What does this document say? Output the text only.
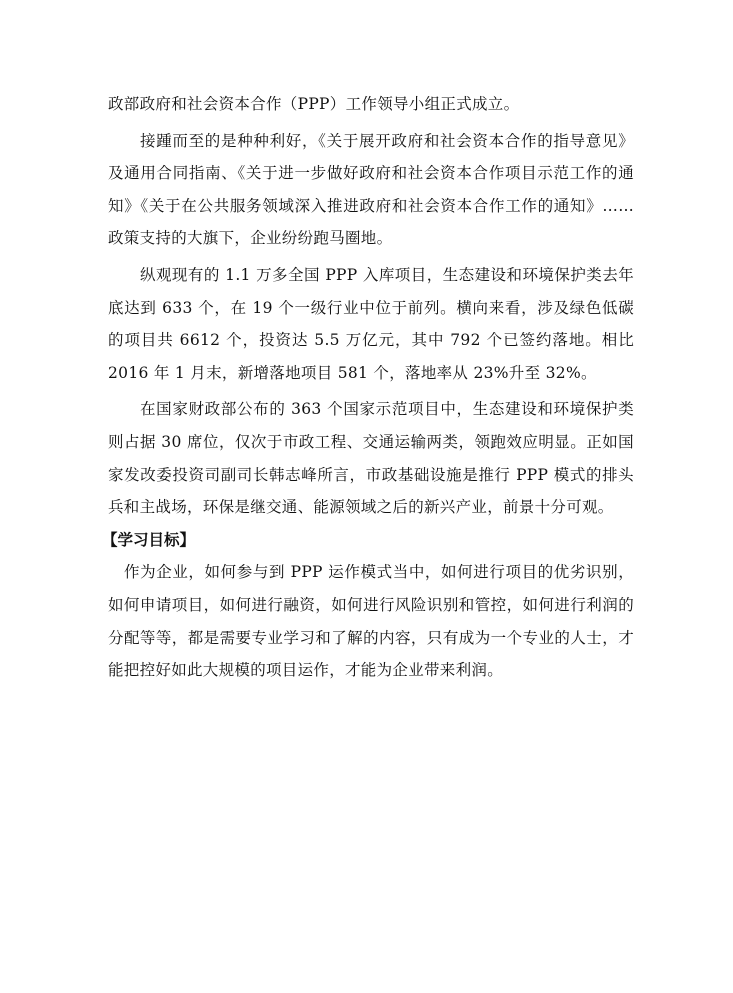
政部政府和社会资本合作（PPP）工作领导小组正式成立。

接踵而至的是种种利好，《关于展开政府和社会资本合作的指导意见》及通用合同指南、《关于进一步做好政府和社会资本合作项目示范工作的通知》《关于在公共服务领域深入推进政府和社会资本合作工作的通知》……政策支持的大旗下，企业纷纷跑马圈地。

纵观现有的 1.1 万多全国 PPP 入库项目，生态建设和环境保护类去年底达到 633 个，在 19 个一级行业中位于前列。横向来看，涉及绿色低碳的项目共 6612 个，投资达 5.5 万亿元，其中 792 个已签约落地。相比 2016 年 1 月末，新增落地项目 581 个，落地率从 23%升至 32%。

在国家财政部公布的 363 个国家示范项目中，生态建设和环境保护类则占据 30 席位，仅次于市政工程、交通运输两类，领跑效应明显。正如国家发改委投资司副司长韩志峰所言，市政基础设施是推行 PPP 模式的排头兵和主战场，环保是继交通、能源领域之后的新兴产业，前景十分可观。

【学习目标】

作为企业，如何参与到 PPP 运作模式当中，如何进行项目的优劣识别，如何申请项目，如何进行融资，如何进行风险识别和管控，如何进行利润的分配等等，都是需要专业学习和了解的内容，只有成为一个专业的人士，才能把控好如此大规模的项目运作，才能为企业带来利润。
